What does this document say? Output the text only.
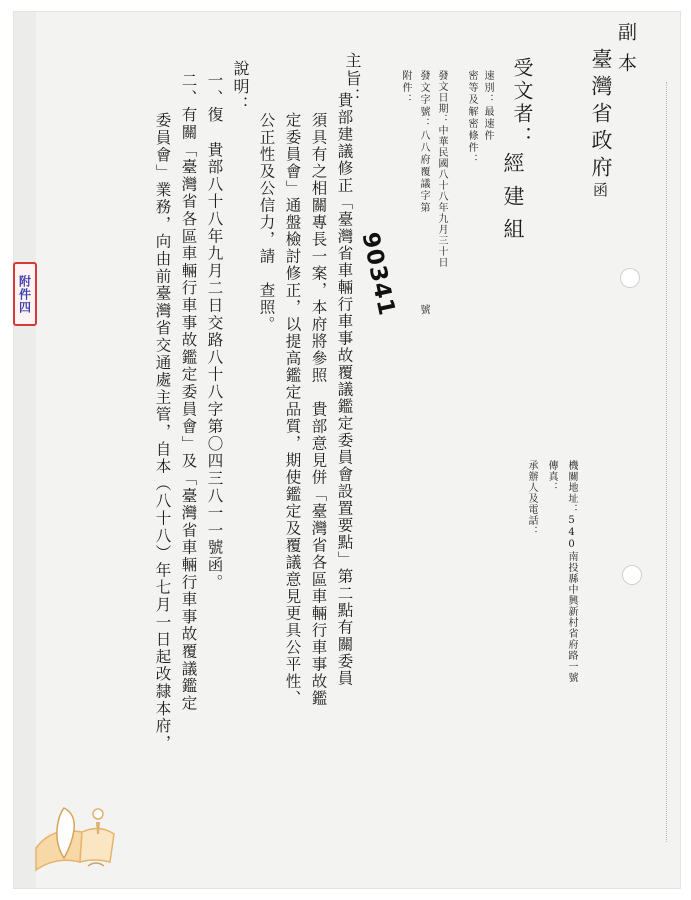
副本
臺灣省政府
函
受文者：
經建組
速別：最速件
密等及解密條件：
發文日期：中華民國八十八年九月三十日
發文字號：八八府覆議字第
號
附件：
90341
機關地址：540南投縣中興新村省府路一號
傳真：
承辦人及電話：
主旨：
貴部建議修正「臺灣省車輛行車事故覆議鑑定委員會設置要點」第二點有關委員
須具有之相關專長一案，本府將參照　貴部意見併「臺灣省各區車輛行車事故鑑
定委員會」通盤檢討修正，以提高鑑定品質，期使鑑定及覆議意見更具公平性、
公正性及公信力，請　查照。
說明：
一、復　貴部八十八年九月二日交路八十八字第〇四三八一一號函。
二、有關「臺灣省各區車輛行車事故鑑定委員會」及「臺灣省車輛行車事故覆議鑑定
委員會」業務，向由前臺灣省交通處主管，自本（八十八）年七月一日起改隸本府，
附件四
